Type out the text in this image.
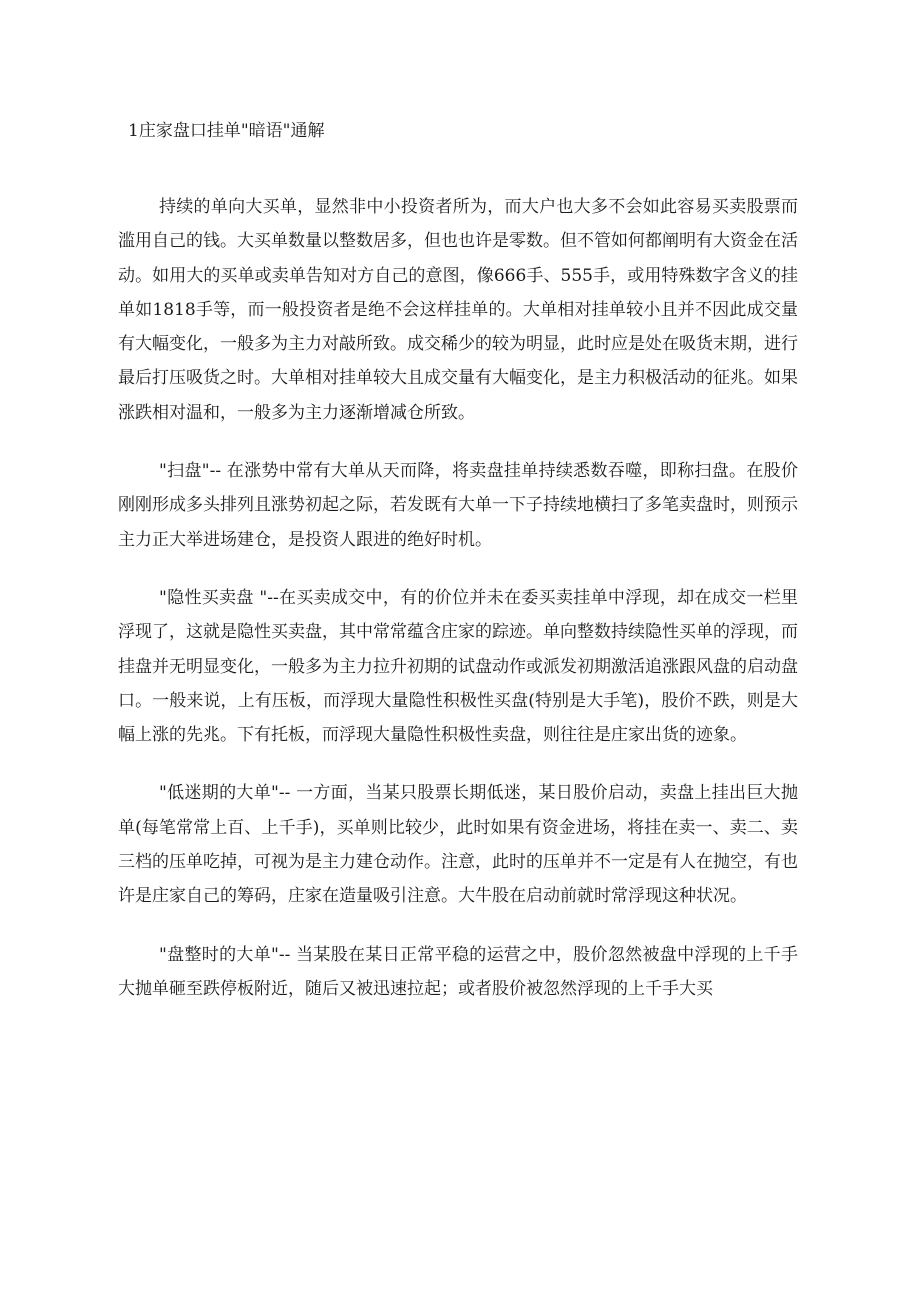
1庄家盘口挂单"暗语"通解

持续的单向大买单，显然非中小投资者所为，而大户也大多不会如此容易买卖股票而滥用自己的钱。大买单数量以整数居多，但也也许是零数。但不管如何都阐明有大资金在活动。如用大的买单或卖单告知对方自己的意图，像666手、555手，或用特殊数字含义的挂单如1818手等，而一般投资者是绝不会这样挂单的。大单相对挂单较小且并不因此成交量有大幅变化，一般多为主力对敲所致。成交稀少的较为明显，此时应是处在吸货末期，进行最后打压吸货之时。大单相对挂单较大且成交量有大幅变化，是主力积极活动的征兆。如果涨跌相对温和，一般多为主力逐渐增减仓所致。

"扫盘"-- 在涨势中常有大单从天而降，将卖盘挂单持续悉数吞噬，即称扫盘。在股价刚刚形成多头排列且涨势初起之际，若发既有大单一下子持续地横扫了多笔卖盘时，则预示主力正大举进场建仓，是投资人跟进的绝好时机。

"隐性买卖盘 "--在买卖成交中，有的价位并未在委买卖挂单中浮现，却在成交一栏里浮现了，这就是隐性买卖盘，其中常常蕴含庄家的踪迹。单向整数持续隐性买单的浮现，而挂盘并无明显变化，一般多为主力拉升初期的试盘动作或派发初期激活追涨跟风盘的启动盘口。一般来说，上有压板，而浮现大量隐性积极性买盘(特别是大手笔)，股价不跌，则是大幅上涨的先兆。下有托板，而浮现大量隐性积极性卖盘，则往往是庄家出货的迹象。

"低迷期的大单"-- 一方面，当某只股票长期低迷，某日股价启动，卖盘上挂出巨大抛单(每笔常常上百、上千手)，买单则比较少，此时如果有资金进场，将挂在卖一、卖二、卖三档的压单吃掉，可视为是主力建仓动作。注意，此时的压单并不一定是有人在抛空，有也许是庄家自己的筹码，庄家在造量吸引注意。大牛股在启动前就时常浮现这种状况。

"盘整时的大单"-- 当某股在某日正常平稳的运营之中，股价忽然被盘中浮现的上千手大抛单砸至跌停板附近，随后又被迅速拉起；或者股价被忽然浮现的上千手大买
